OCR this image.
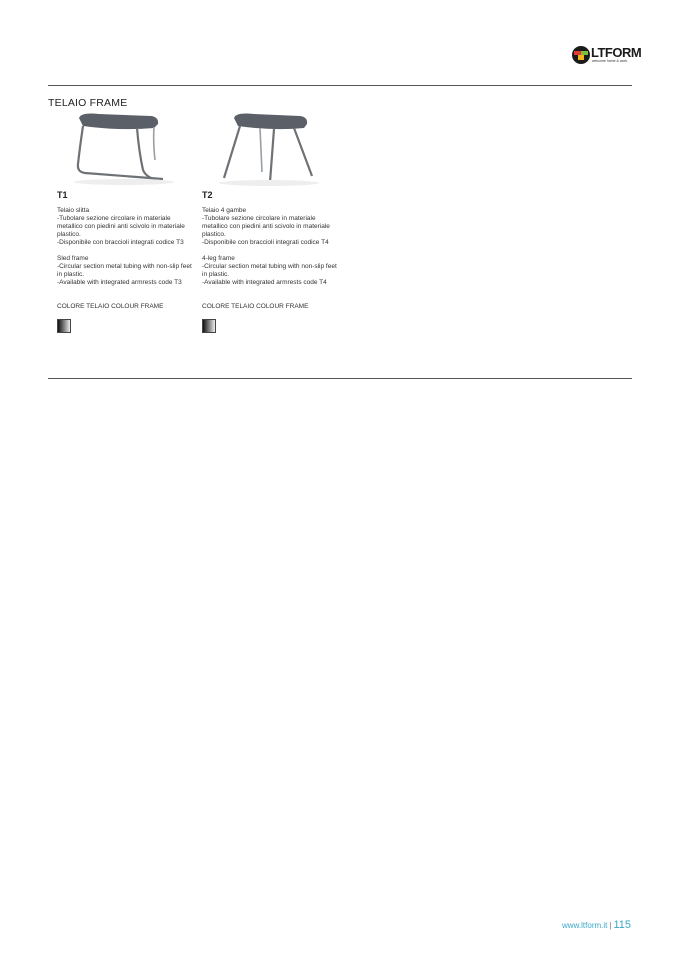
LTFORM
welcome home & work
TELAIO FRAME
T1
Telaio slitta
-Tubolare sezione circolare in materiale metallico con piedini anti scivolo in materiale plastico.
-Disponibile con braccioli integrati codice T3
Sled frame
-Circular section metal tubing with non-slip feet in plastic.
-Available with integrated armrests code T3
COLORE TELAIO COLOUR FRAME
T2
Telaio 4 gambe
-Tubolare sezione circolare in materiale metallico con piedini anti scivolo in materiale plastico.
-Disponibile con braccioli integrati codice T4
4-leg frame
-Circular section metal tubing with non-slip feet in plastic.
-Available with integrated armrests code T4
COLORE TELAIO COLOUR FRAME
www.ltform.it | 115
